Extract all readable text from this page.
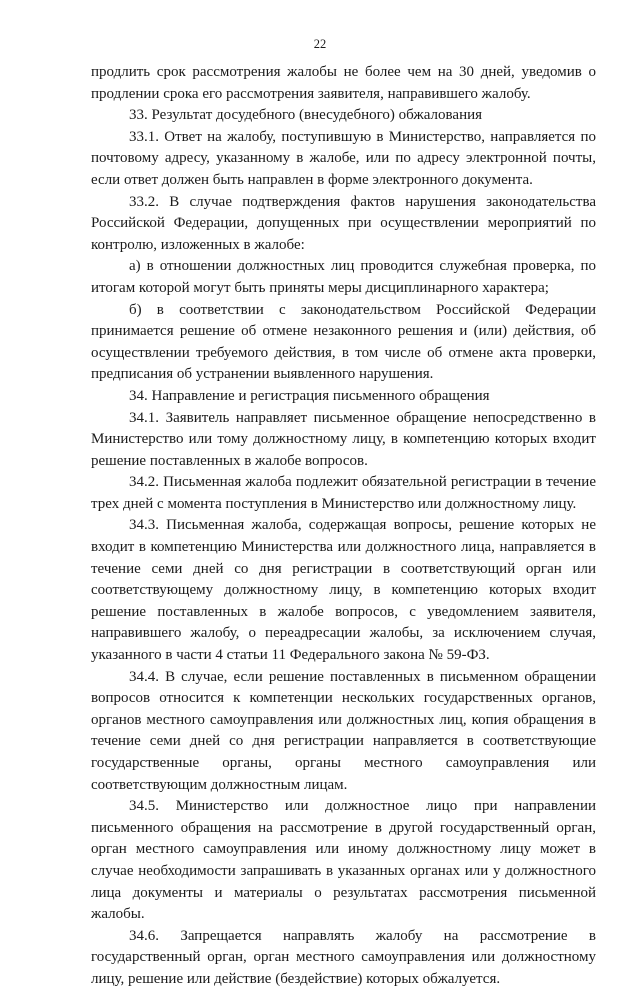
22

продлить срок рассмотрения жалобы не более чем на 30 дней, уведомив о продлении срока его рассмотрения заявителя, направившего жалобу.

33. Результат досудебного (внесудебного) обжалования

33.1. Ответ на жалобу, поступившую в Министерство, направляется по почтовому адресу, указанному в жалобе, или по адресу электронной почты, если ответ должен быть направлен в форме электронного документа.

33.2. В случае подтверждения фактов нарушения законодательства Российской Федерации, допущенных при осуществлении мероприятий по контролю, изложенных в жалобе:

а) в отношении должностных лиц проводится служебная проверка, по итогам которой могут быть приняты меры дисциплинарного характера;

б) в соответствии с законодательством Российской Федерации принимается решение об отмене незаконного решения и (или) действия, об осуществлении требуемого действия, в том числе об отмене акта проверки, предписания об устранении выявленного нарушения.

34. Направление и регистрация письменного обращения

34.1. Заявитель направляет письменное обращение непосредственно в Министерство или тому должностному лицу, в компетенцию которых входит решение поставленных в жалобе вопросов.

34.2. Письменная жалоба подлежит обязательной регистрации в течение трех дней с момента поступления в Министерство или должностному лицу.

34.3. Письменная жалоба, содержащая вопросы, решение которых не входит в компетенцию Министерства или должностного лица, направляется в течение семи дней со дня регистрации в соответствующий орган или соответствующему должностному лицу, в компетенцию которых входит решение поставленных в жалобе вопросов, с уведомлением заявителя, направившего жалобу, о переадресации жалобы, за исключением случая, указанного в части 4 статьи 11 Федерального закона № 59-ФЗ.

34.4. В случае, если решение поставленных в письменном обращении вопросов относится к компетенции нескольких государственных органов, органов местного самоуправления или должностных лиц, копия обращения в течение семи дней со дня регистрации направляется в соответствующие государственные органы, органы местного самоуправления или соответствующим должностным лицам.

34.5. Министерство или должностное лицо при направлении письменного обращения на рассмотрение в другой государственный орган, орган местного самоуправления или иному должностному лицу может в случае необходимости запрашивать в указанных органах или у должностного лица документы и материалы о результатах рассмотрения письменной жалобы.

34.6. Запрещается направлять жалобу на рассмотрение в государственный орган, орган местного самоуправления или должностному лицу, решение или действие (бездействие) которых обжалуется.
